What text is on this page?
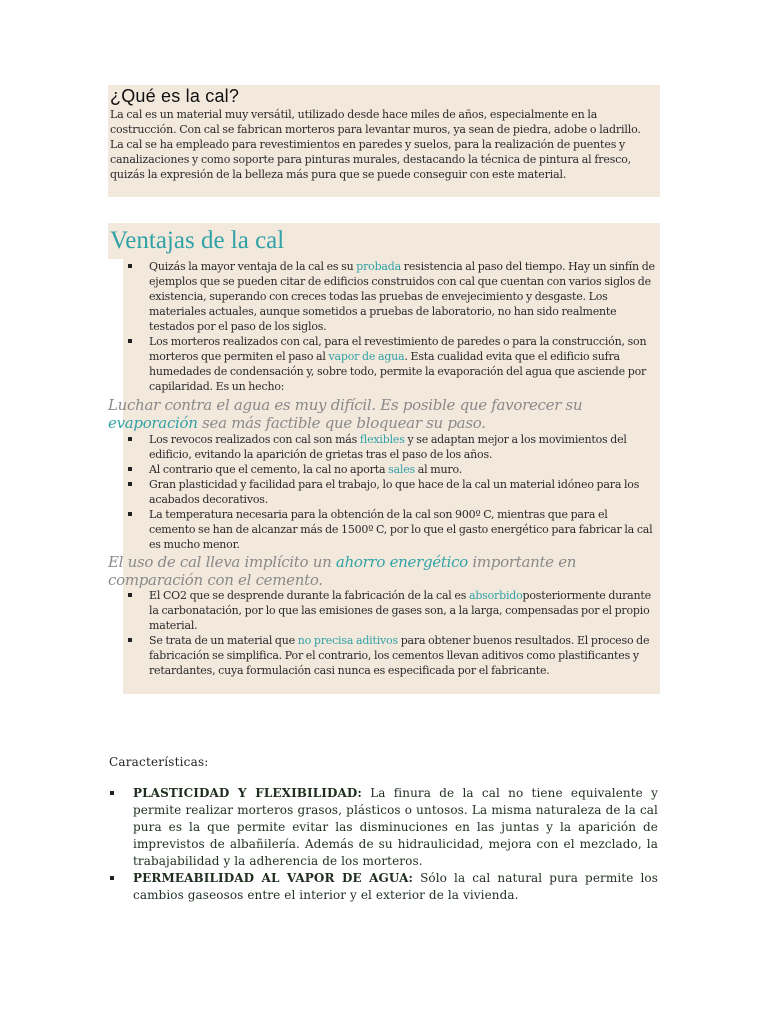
¿Qué es la cal?

La cal es un material muy versátil, utilizado desde hace miles de años, especialmente en la costrucción. Con cal se fabrican morteros para levantar muros, ya sean de piedra, adobe o ladrillo. La cal se ha empleado para revestimientos en paredes y suelos, para la realización de puentes y canalizaciones y como soporte para pinturas murales, destacando la técnica de pintura al fresco, quizás la expresión de la belleza más pura que se puede conseguir con este material.

Ventajas de la cal
Quizás la mayor ventaja de la cal es su probada resistencia al paso del tiempo. Hay un sinfín de ejemplos que se pueden citar de edificios construidos con cal que cuentan con varios siglos de existencia, superando con creces todas las pruebas de envejecimiento y desgaste. Los materiales actuales, aunque sometidos a pruebas de laboratorio, no han sido realmente testados por el paso de los siglos.
Los morteros realizados con cal, para el revestimiento de paredes o para la construcción, son morteros que permiten el paso al vapor de agua. Esta cualidad evita que el edificio sufra humedades de condensación y, sobre todo, permite la evaporación del agua que asciende por capilaridad. Es un hecho:
Luchar contra el agua es muy difícil. Es posible que favorecer su evaporación sea más factible que bloquear su paso.
Los revocos realizados con cal son más flexibles y se adaptan mejor a los movimientos del edificio, evitando la aparición de grietas tras el paso de los años.
Al contrario que el cemento, la cal no aporta sales al muro.
Gran plasticidad y facilidad para el trabajo, lo que hace de la cal un material idóneo para los acabados decorativos.
La temperatura necesaria para la obtención de la cal son 900º C, mientras que para el cemento se han de alcanzar más de 1500º C, por lo que el gasto energético para fabricar la cal es mucho menor.
El uso de cal lleva implícito un ahorro energético importante en comparación con el cemento.
El CO2 que se desprende durante la fabricación de la cal es absorbidoposteriormente durante la carbonatación, por lo que las emisiones de gases son, a la larga, compensadas por el propio material.
Se trata de un material que no precisa aditivos para obtener buenos resultados. El proceso de fabricación se simplifica. Por el contrario, los cementos llevan aditivos como plastificantes y retardantes, cuya formulación casi nunca es especificada por el fabricante.
Características:
PLASTICIDAD Y FLEXIBILIDAD: La finura de la cal no tiene equivalente y permite realizar morteros grasos, plásticos o untosos. La misma naturaleza de la cal pura es la que permite evitar las disminuciones en las juntas y la aparición de imprevistos de albañilería. Además de su hidraulicidad, mejora con el mezclado, la trabajabilidad y la adherencia de los morteros.
PERMEABILIDAD AL VAPOR DE AGUA: Sólo la cal natural pura permite los cambios gaseosos entre el interior y el exterior de la vivienda.
